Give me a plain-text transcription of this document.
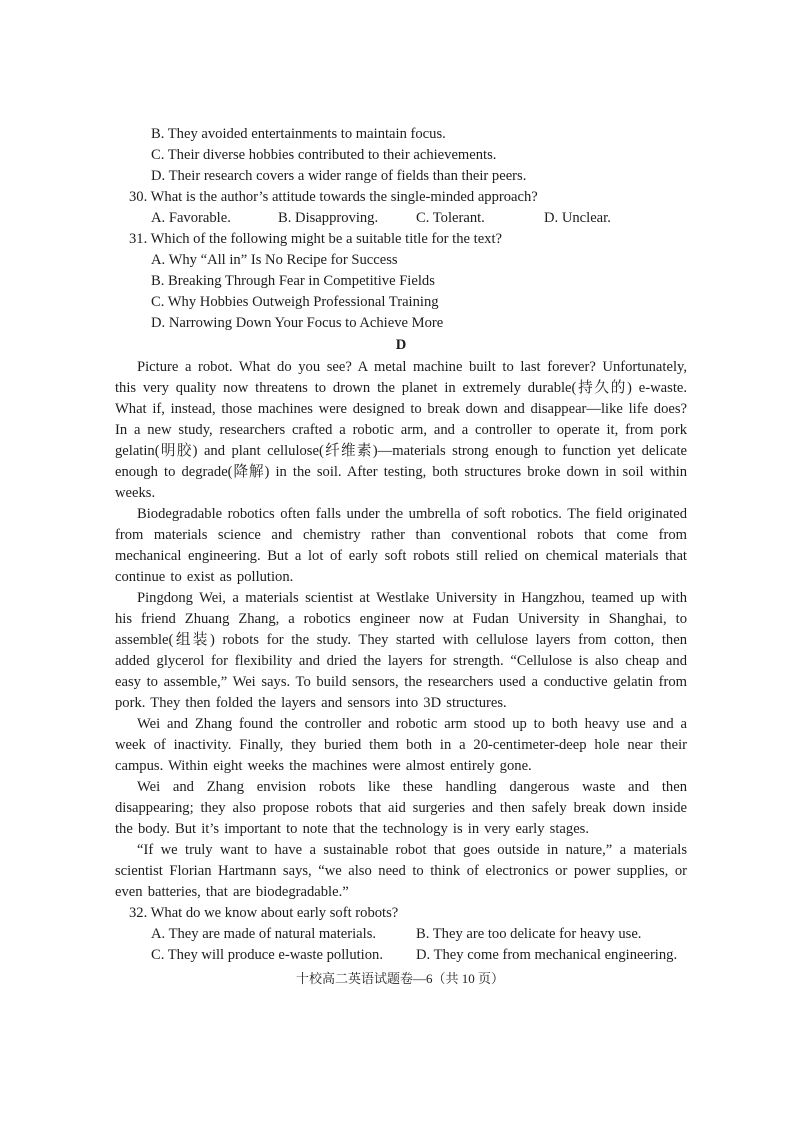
B. They avoided entertainments to maintain focus.
C. Their diverse hobbies contributed to their achievements.
D. Their research covers a wider range of fields than their peers.
30. What is the author’s attitude towards the single-minded approach?
A. Favorable.	B. Disapproving.	C. Tolerant.	D. Unclear.
31. Which of the following might be a suitable title for the text?
A. Why “All in” Is No Recipe for Success
B. Breaking Through Fear in Competitive Fields
C. Why Hobbies Outweigh Professional Training
D. Narrowing Down Your Focus to Achieve More
D
Picture a robot. What do you see? A metal machine built to last forever? Unfortunately, this very quality now threatens to drown the planet in extremely durable(持久的) e-waste. What if, instead, those machines were designed to break down and disappear—like life does? In a new study, researchers crafted a robotic arm, and a controller to operate it, from pork gelatin(明胶) and plant cellulose(纤维素)—materials strong enough to function yet delicate enough to degrade(降解) in the soil. After testing, both structures broke down in soil within weeks.
Biodegradable robotics often falls under the umbrella of soft robotics. The field originated from materials science and chemistry rather than conventional robots that come from mechanical engineering. But a lot of early soft robots still relied on chemical materials that continue to exist as pollution.
Pingdong Wei, a materials scientist at Westlake University in Hangzhou, teamed up with his friend Zhuang Zhang, a robotics engineer now at Fudan University in Shanghai, to assemble(组装) robots for the study. They started with cellulose layers from cotton, then added glycerol for flexibility and dried the layers for strength. “Cellulose is also cheap and easy to assemble,” Wei says. To build sensors, the researchers used a conductive gelatin from pork. They then folded the layers and sensors into 3D structures.
Wei and Zhang found the controller and robotic arm stood up to both heavy use and a week of inactivity. Finally, they buried them both in a 20-centimeter-deep hole near their campus. Within eight weeks the machines were almost entirely gone.
Wei and Zhang envision robots like these handling dangerous waste and then disappearing; they also propose robots that aid surgeries and then safely break down inside the body. But it’s important to note that the technology is in very early stages.
“If we truly want to have a sustainable robot that goes outside in nature,” a materials scientist Florian Hartmann says, “we also need to think of electronics or power supplies, or even batteries, that are biodegradable.”
32. What do we know about early soft robots?
A. They are made of natural materials.	B. They are too delicate for heavy use.
C. They will produce e-waste pollution.	D. They come from mechanical engineering.
十校高二英语试题卷—6（共 10 页）
